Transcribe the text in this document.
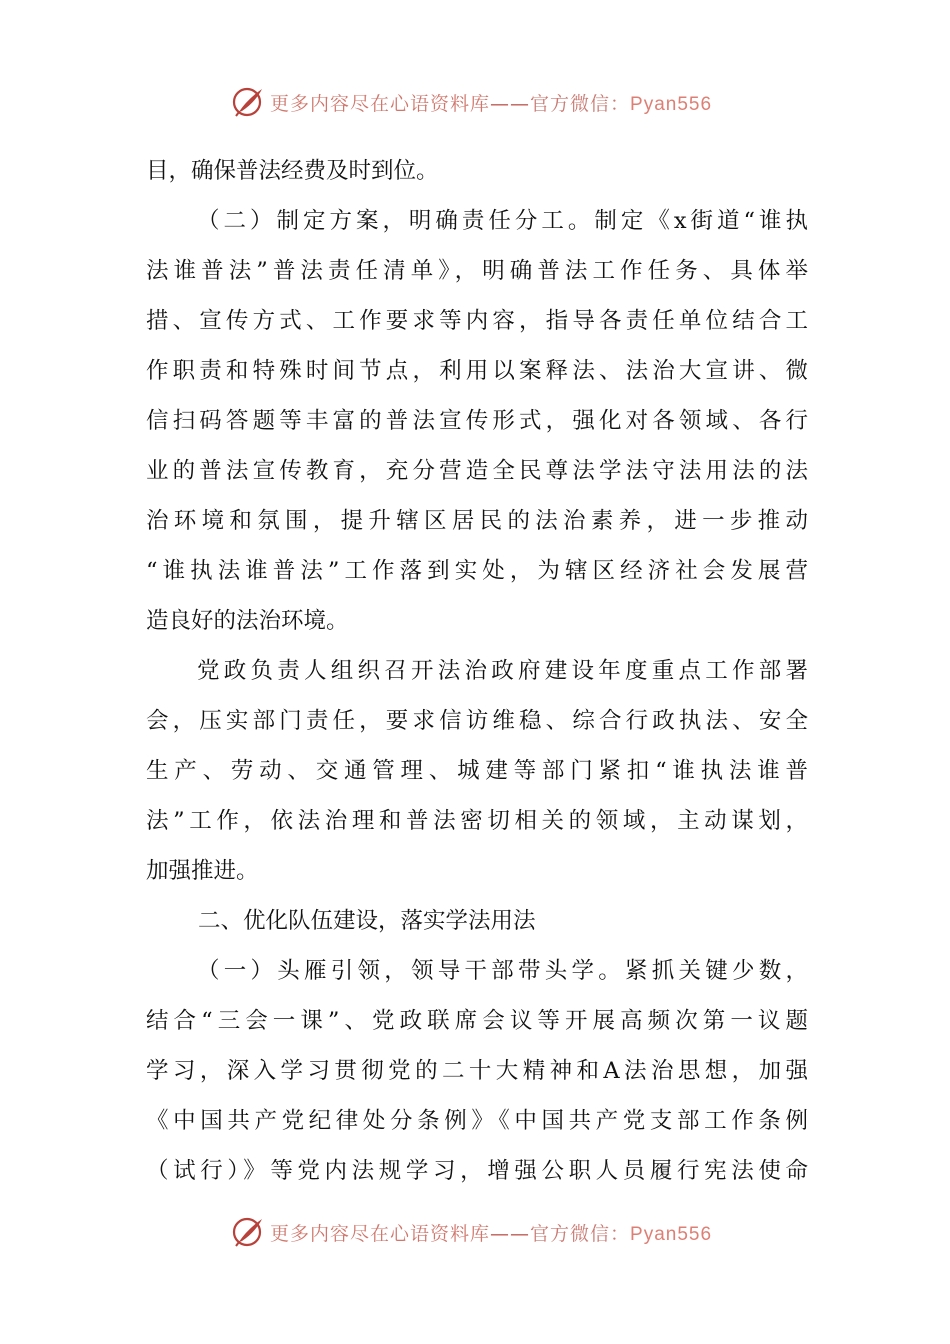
更多内容尽在心语资料库——官方微信：Pyan556
目，确保普法经费及时到位。
（二）制定方案，明确责任分工。制定《x街道“谁执
法谁普法”普法责任清单》，明确普法工作任务、具体举
措、宣传方式、工作要求等内容，指导各责任单位结合工
作职责和特殊时间节点，利用以案释法、法治大宣讲、微
信扫码答题等丰富的普法宣传形式，强化对各领域、各行
业的普法宣传教育，充分营造全民尊法学法守法用法的法
治环境和氛围，提升辖区居民的法治素养，进一步推动
“谁执法谁普法”工作落到实处，为辖区经济社会发展营
造良好的法治环境。
党政负责人组织召开法治政府建设年度重点工作部署
会，压实部门责任，要求信访维稳、综合行政执法、安全
生产、劳动、交通管理、城建等部门紧扣“谁执法谁普
法”工作，依法治理和普法密切相关的领域，主动谋划，
加强推进。
二、优化队伍建设，落实学法用法
（一）头雁引领，领导干部带头学。紧抓关键少数，
结合“三会一课”、党政联席会议等开展高频次第一议题
学习，深入学习贯彻党的二十大精神和A法治思想，加强
《中国共产党纪律处分条例》《中国共产党支部工作条例
（试行）》等党内法规学习，增强公职人员履行宪法使命
更多内容尽在心语资料库——官方微信：Pyan556
